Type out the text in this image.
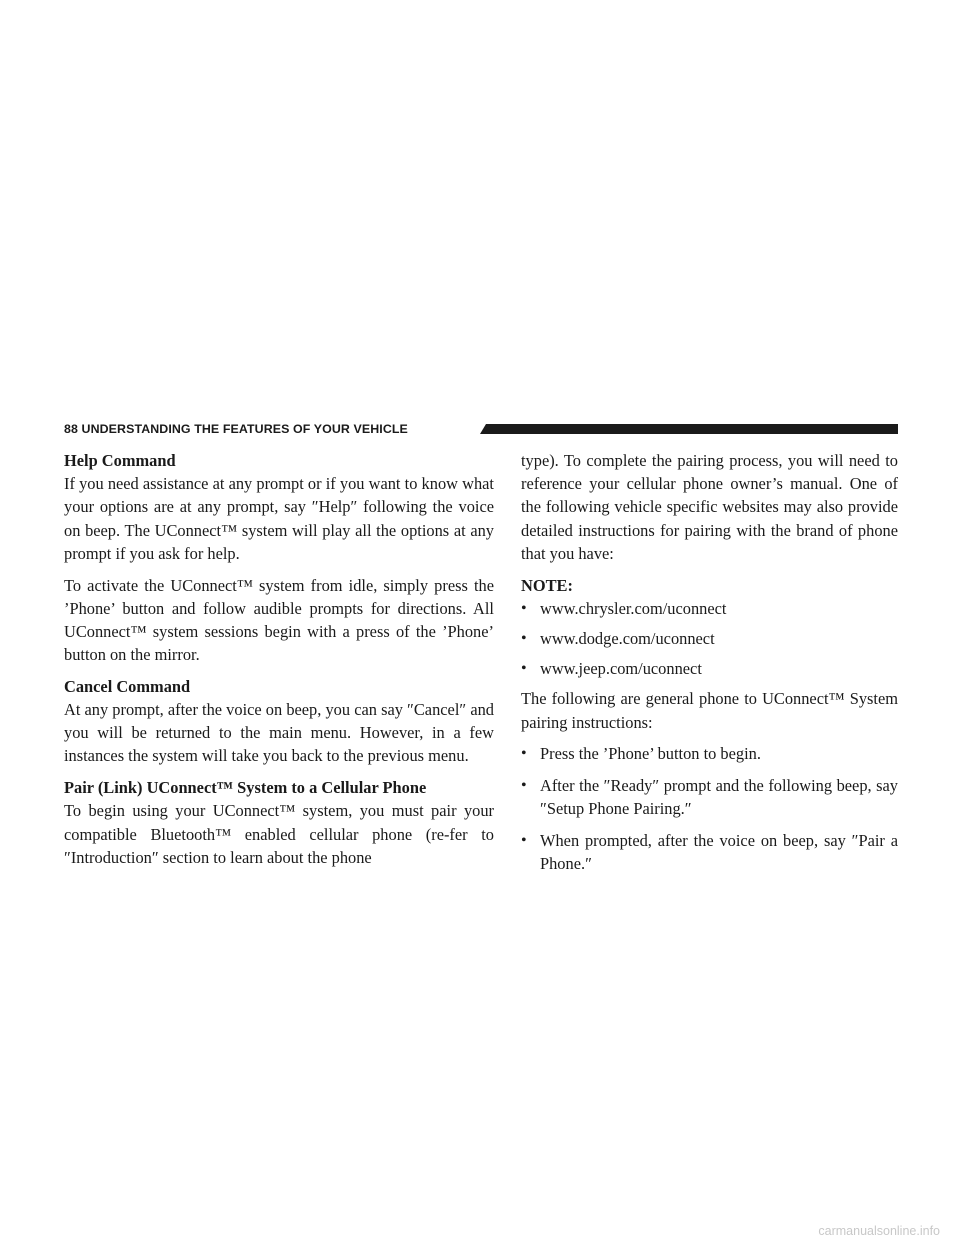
88 UNDERSTANDING THE FEATURES OF YOUR VEHICLE
Help Command

If you need assistance at any prompt or if you want to know what your options are at any prompt, say ″Help″ following the voice on beep. The UConnect™ system will play all the options at any prompt if you ask for help.

To activate the UConnect™ system from idle, simply press the ’Phone’ button and follow audible prompts for directions. All UConnect™ system sessions begin with a press of the ’Phone’ button on the mirror.

Cancel Command

At any prompt, after the voice on beep, you can say ″Cancel″ and you will be returned to the main menu. However, in a few instances the system will take you back to the previous menu.

Pair (Link) UConnect™ System to a Cellular Phone

To begin using your UConnect™ system, you must pair your compatible Bluetooth™ enabled cellular phone (re-fer to ″Introduction″ section to learn about the phone

type). To complete the pairing process, you will need to reference your cellular phone owner’s manual. One of the following vehicle specific websites may also provide detailed instructions for pairing with the brand of phone that you have:

NOTE:
• www.chrysler.com/uconnect
• www.dodge.com/uconnect
• www.jeep.com/uconnect

The following are general phone to UConnect™ System pairing instructions:

• Press the ’Phone’ button to begin.
• After the ″Ready″ prompt and the following beep, say ″Setup Phone Pairing.″
• When prompted, after the voice on beep, say ″Pair a Phone.″
carmanualsonline.info
